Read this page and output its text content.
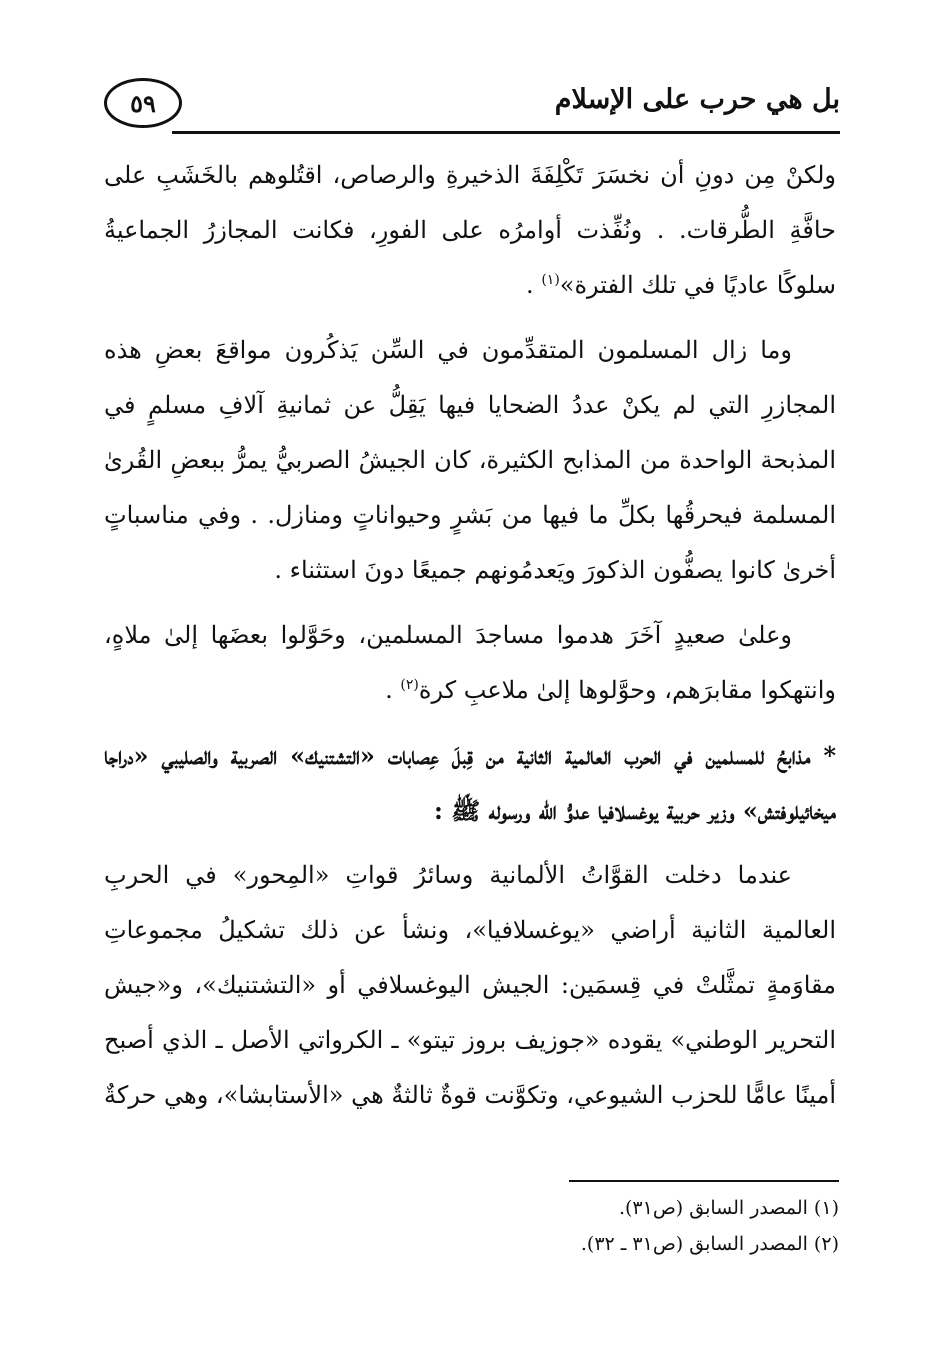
٥٩	بل هي حرب على الإسلام

ولكنْ مِن دونِ أن نخسَرَ تَكْلِفَةَ الذخيرةِ والرصاص، اقتُلوهم بالخَشَبِ على حافَّةِ الطُّرقات. . ونُفِّذت أوامرُه على الفورِ، فكانت المجازرُ الجماعيةُ سلوكًا عاديًا في تلك الفترة»$^{(١)}$ .

وما زال المسلمون المتقدِّمون في السِّن يَذكُرون مواقعَ بعضِ هذه المجازرِ التي لم يكنْ عددُ الضحايا فيها يَقِلُّ عن ثمانيةِ آلافِ مسلمٍ في المذبحة الواحدة من المذابح الكثيرة، كان الجيشُ الصربيُّ يمرُّ ببعضِ القُرىٰ المسلمة فيحرقُها بكلِّ ما فيها من بَشرٍ وحيواناتٍ ومنازل. . وفي مناسباتٍ أخرىٰ كانوا يصفُّون الذكورَ ويَعدمُونهم جميعًا دونَ استثناء .

وعلىٰ صعيدٍ آخَرَ هدموا مساجدَ المسلمين، وحَوَّلوا بعضَها إلىٰ ملاهٍ، وانتهكوا مقابرَهم، وحوَّلوها إلىٰ ملاعبِ كرة$^{(٢)}$ .

* مذابحُ للمسلمين في الحرب العالمية الثانية من قِبلَ عِصابات «التشتنيك» الصربية والصليبي «دراجا ميخائيلوفتش» وزير حربية يوغسلافيا عدوُّ اللّٰه ورسوله ﷺ :

عندما دخلت القوَّاتُ الألمانية وسائرُ قواتِ «المِحور» في الحربِ العالمية الثانية أراضي «يوغسلافيا»، ونشأ عن ذلك تشكيلُ مجموعاتِ مقاوَمةٍ تمثَّلتْ في قِسمَين: الجيش اليوغسلافي أو «التشتنيك»، و«جيش التحرير الوطني» يقوده «جوزيف بروز تيتو» ـ الكرواتي الأصل ـ الذي أصبح أمينًا عامًّا للحزب الشيوعي، وتكوَّنت قوةٌ ثالثةٌ هي «الأستابشا»، وهي حركةٌ

(١) المصدر السابق (ص٣١).
(٢) المصدر السابق (ص٣١ ـ ٣٢).
